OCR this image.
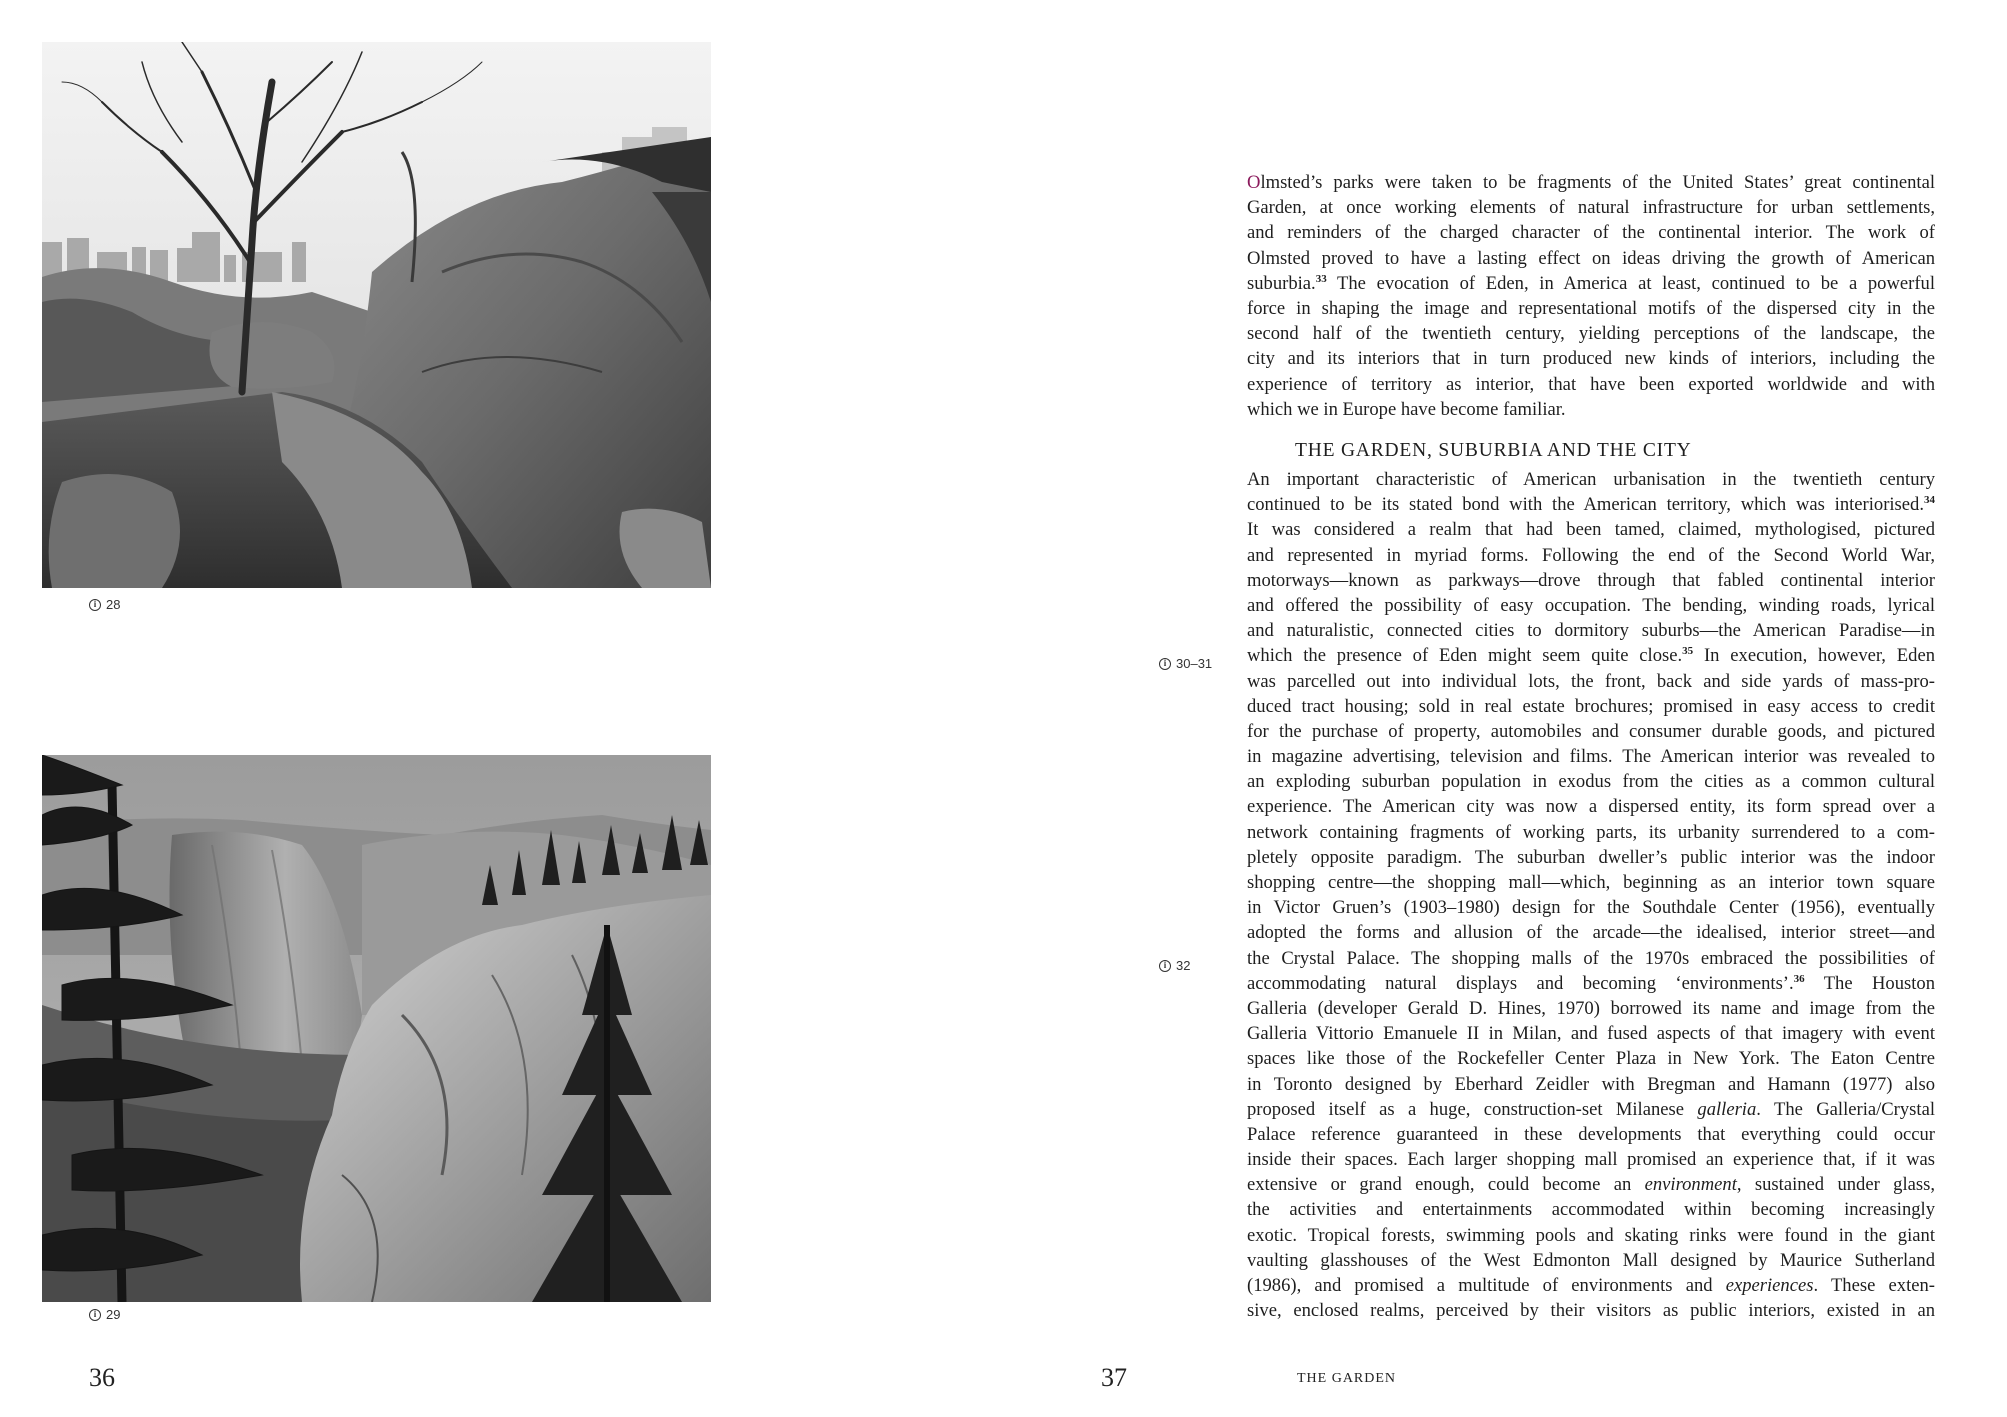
i 28
i 29
36
i 30–31
i 32
Olmsted’s parks were taken to be fragments of the United States’ great continental
Garden, at once working elements of natural infrastructure for urban settlements,
and reminders of the charged character of the continental interior. The work of
Olmsted proved to have a lasting effect on ideas driving the growth of American
suburbia.$^{33}$ The evocation of Eden, in America at least, continued to be a powerful
force in shaping the image and representational motifs of the dispersed city in the
second half of the twentieth century, yielding perceptions of the landscape, the
city and its interiors that in turn produced new kinds of interiors, including the
experience of territory as interior, that have been exported worldwide and with
which we in Europe have become familiar.
THE GARDEN, SUBURBIA AND THE CITY
An important characteristic of American urbanisation in the twentieth century
continued to be its stated bond with the American territory, which was interiorised.$^{34}$
It was considered a realm that had been tamed, claimed, mythologised, pictured
and represented in myriad forms. Following the end of the Second World War,
motorways—known as parkways—drove through that fabled continental interior
and offered the possibility of easy occupation. The bending, winding roads, lyrical
and naturalistic, connected cities to dormitory suburbs—the American Paradise—in
which the presence of Eden might seem quite close.$^{35}$ In execution, however, Eden
was parcelled out into individual lots, the front, back and side yards of mass-pro-
duced tract housing; sold in real estate brochures; promised in easy access to credit
for the purchase of property, automobiles and consumer durable goods, and pictured
in magazine advertising, television and films. The American interior was revealed to
an exploding suburban population in exodus from the cities as a common cultural
experience. The American city was now a dispersed entity, its form spread over a
network containing fragments of working parts, its urbanity surrendered to a com-
pletely opposite paradigm. The suburban dweller’s public interior was the indoor
shopping centre—the shopping mall—which, beginning as an interior town square
in Victor Gruen’s (1903–1980) design for the Southdale Center (1956), eventually
adopted the forms and allusion of the arcade—the idealised, interior street—and
the Crystal Palace. The shopping malls of the 1970s embraced the possibilities of
accommodating natural displays and becoming ‘environments’.$^{36}$ The Houston
Galleria (developer Gerald D. Hines, 1970) borrowed its name and image from the
Galleria Vittorio Emanuele II in Milan, and fused aspects of that imagery with event
spaces like those of the Rockefeller Center Plaza in New York. The Eaton Centre
in Toronto designed by Eberhard Zeidler with Bregman and Hamann (1977) also
proposed itself as a huge, construction-set Milanese galleria. The Galleria/Crystal
Palace reference guaranteed in these developments that everything could occur
inside their spaces. Each larger shopping mall promised an experience that, if it was
extensive or grand enough, could become an environment, sustained under glass,
the activities and entertainments accommodated within becoming increasingly
exotic. Tropical forests, swimming pools and skating rinks were found in the giant
vaulting glasshouses of the West Edmonton Mall designed by Maurice Sutherland
(1986), and promised a multitude of environments and experiences. These exten-
sive, enclosed realms, perceived by their visitors as public interiors, existed in an
37	THE GARDEN
